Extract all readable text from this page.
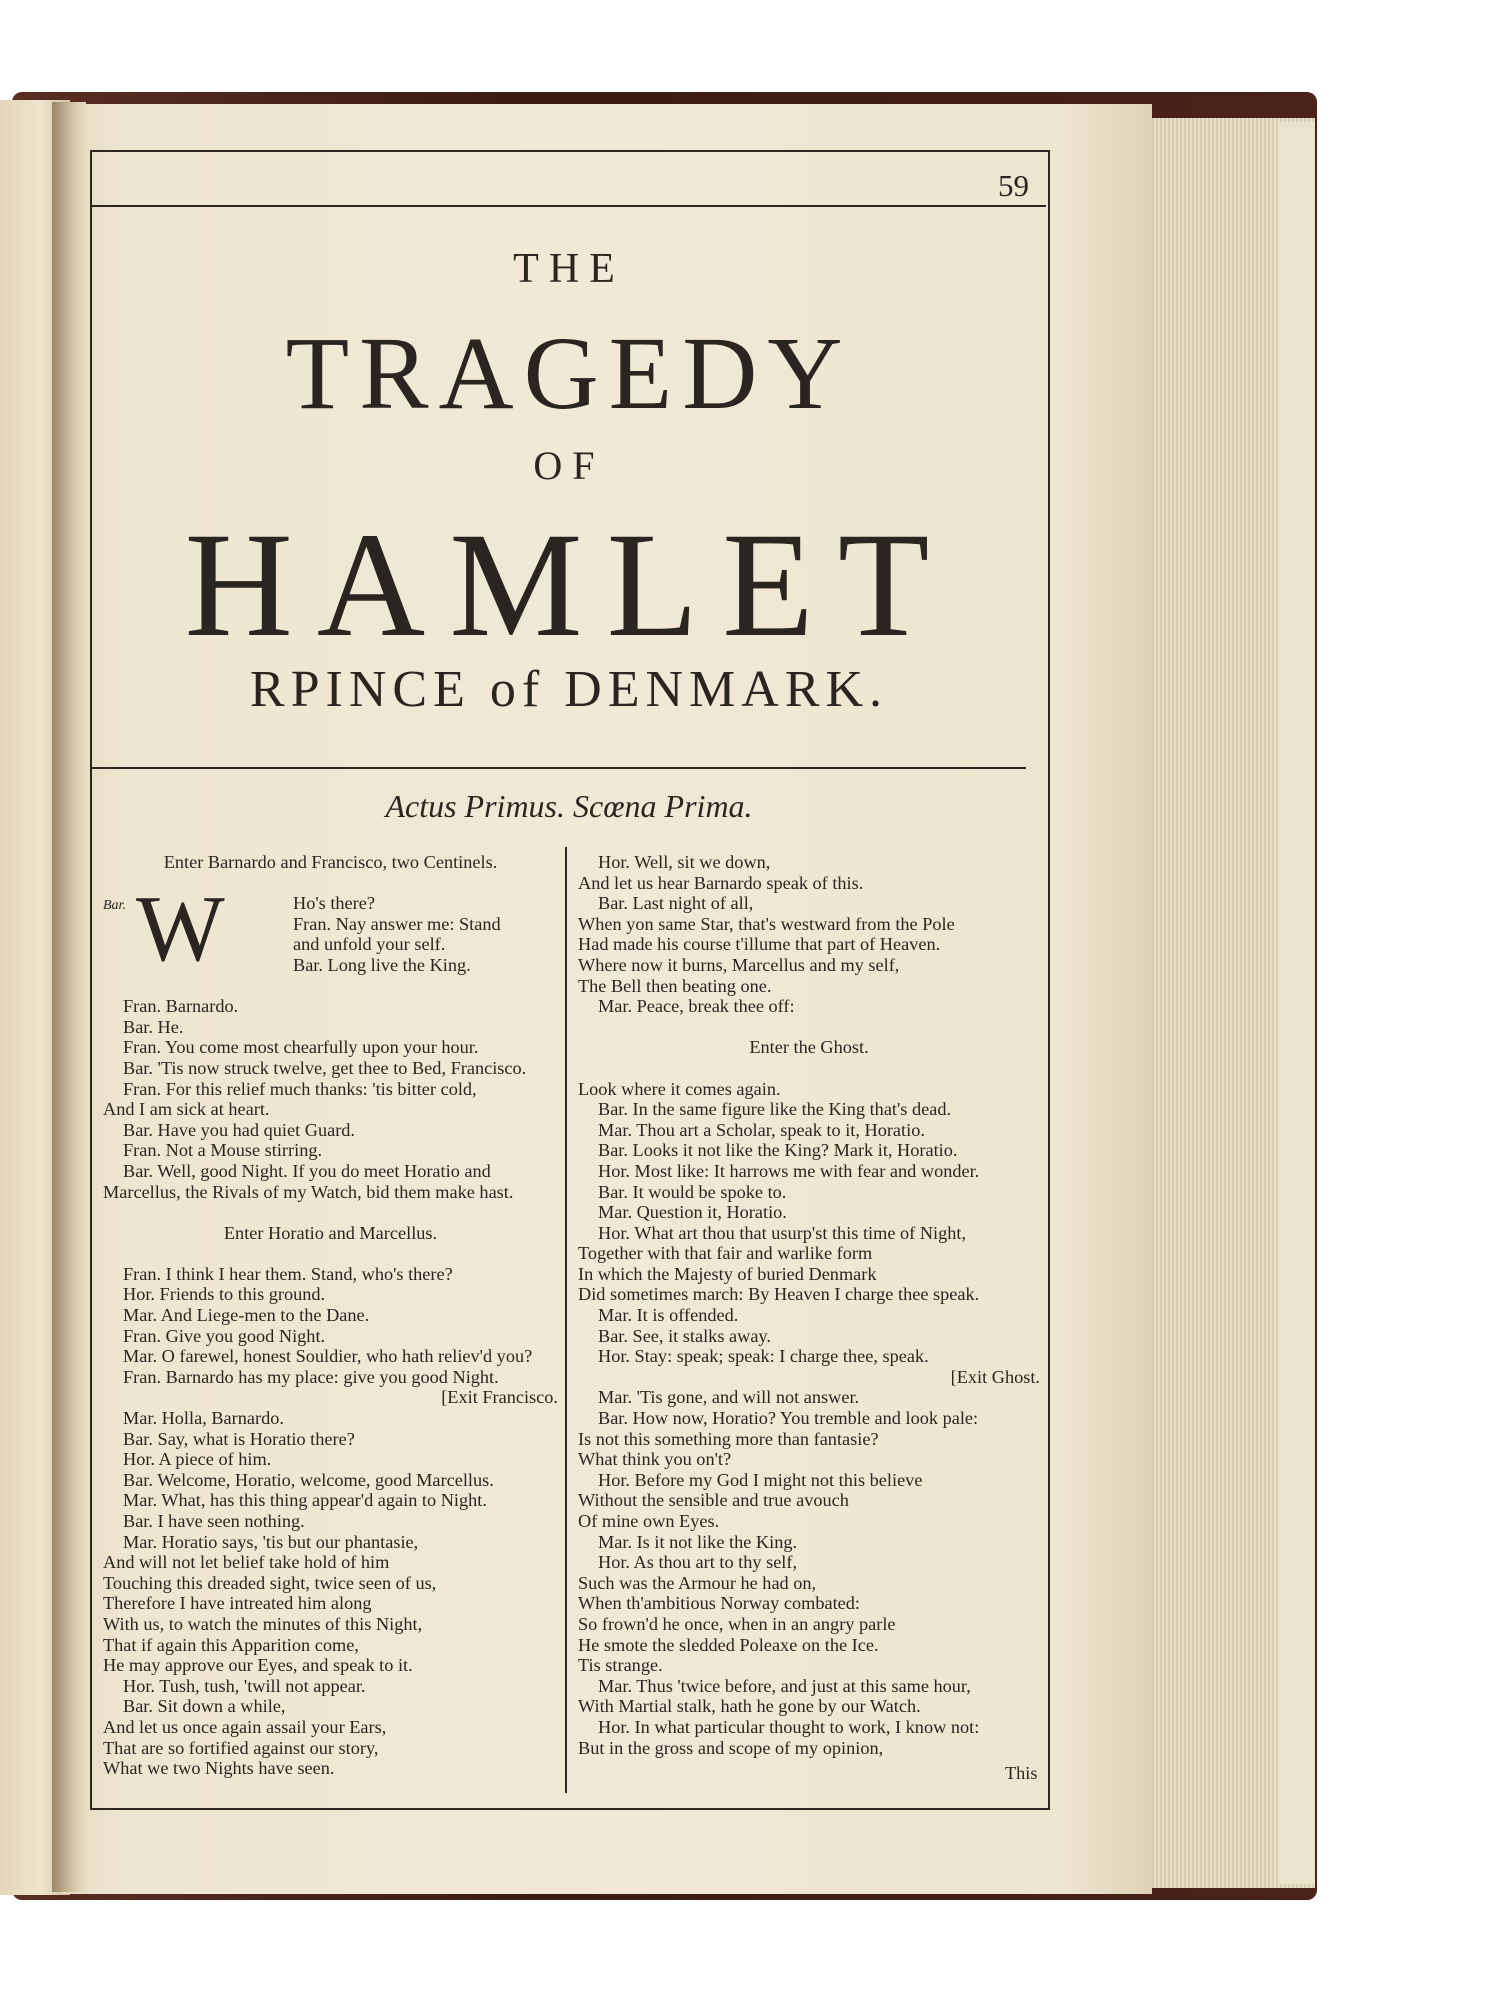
59
THE
TRAGEDY
OF
HAMLET
RPINCE of DENMARK.
Actus Primus. Scœna Prima.
Bar. W
Enter Barnardo and Francisco, two Centinels.
Ho's there?
Fran. Nay answer me: Stand
and unfold your self.
Bar. Long live the King.
Fran. Barnardo.
Bar. He.
Fran. You come most chearfully upon your hour.
Bar. 'Tis now struck twelve, get thee to Bed, Francisco.
Fran. For this relief much thanks: 'tis bitter cold,
And I am sick at heart.
Bar. Have you had quiet Guard.
Fran. Not a Mouse stirring.
Bar. Well, good Night. If you do meet Horatio and
Marcellus, the Rivals of my Watch, bid them make hast.
Enter Horatio and Marcellus.
Fran. I think I hear them. Stand, who's there?
Hor. Friends to this ground.
Mar. And Liege-men to the Dane.
Fran. Give you good Night.
Mar. O farewel, honest Souldier, who hath reliev'd you?
Fran. Barnardo has my place: give you good Night.
[Exit Francisco.
Mar. Holla, Barnardo.
Bar. Say, what is Horatio there?
Hor. A piece of him.
Bar. Welcome, Horatio, welcome, good Marcellus.
Mar. What, has this thing appear'd again to Night.
Bar. I have seen nothing.
Mar. Horatio says, 'tis but our phantasie,
And will not let belief take hold of him
Touching this dreaded sight, twice seen of us,
Therefore I have intreated him along
With us, to watch the minutes of this Night,
That if again this Apparition come,
He may approve our Eyes, and speak to it.
Hor. Tush, tush, 'twill not appear.
Bar. Sit down a while,
And let us once again assail your Ears,
That are so fortified against our story,
What we two Nights have seen.
Hor. Well, sit we down,
And let us hear Barnardo speak of this.
Bar. Last night of all,
When yon same Star, that's westward from the Pole
Had made his course t'illume that part of Heaven.
Where now it burns, Marcellus and my self,
The Bell then beating one.
Mar. Peace, break thee off:
Enter the Ghost.
Look where it comes again.
Bar. In the same figure like the King that's dead.
Mar. Thou art a Scholar, speak to it, Horatio.
Bar. Looks it not like the King? Mark it, Horatio.
Hor. Most like: It harrows me with fear and wonder.
Bar. It would be spoke to.
Mar. Question it, Horatio.
Hor. What art thou that usurp'st this time of Night,
Together with that fair and warlike form
In which the Majesty of buried Denmark
Did sometimes march: By Heaven I charge thee speak.
Mar. It is offended.
Bar. See, it stalks away.
Hor. Stay: speak; speak: I charge thee, speak.
[Exit Ghost.
Mar. 'Tis gone, and will not answer.
Bar. How now, Horatio? You tremble and look pale:
Is not this something more than fantasie?
What think you on't?
Hor. Before my God I might not this believe
Without the sensible and true avouch
Of mine own Eyes.
Mar. Is it not like the King.
Hor. As thou art to thy self,
Such was the Armour he had on,
When th'ambitious Norway combated:
So frown'd he once, when in an angry parle
He smote the sledded Poleaxe on the Ice.
Tis strange.
Mar. Thus 'twice before, and just at this same hour,
With Martial stalk, hath he gone by our Watch.
Hor. In what particular thought to work, I know not:
But in the gross and scope of my opinion,
This
